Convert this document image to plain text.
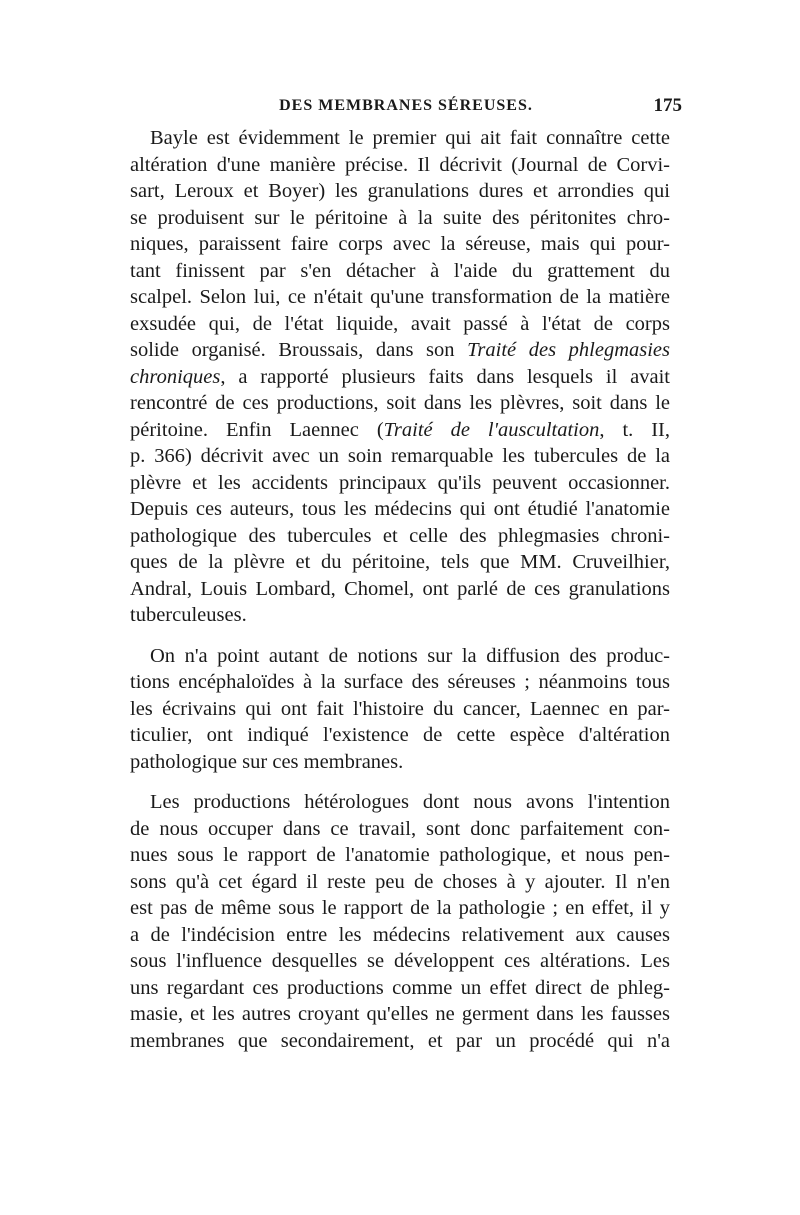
DES MEMBRANES SÉREUSES.	175
Bayle est évidemment le premier qui ait fait connaître cette
altération d'une manière précise. Il décrivit (Journal de Corvi-
sart, Leroux et Boyer) les granulations dures et arrondies qui
se produisent sur le péritoine à la suite des péritonites chro-
niques, paraissent faire corps avec la séreuse, mais qui pour-
tant finissent par s'en détacher à l'aide du grattement du
scalpel. Selon lui, ce n'était qu'une transformation de la matière
exsudée qui, de l'état liquide, avait passé à l'état de corps
solide organisé. Broussais, dans son Traité des phlegmasies
chroniques, a rapporté plusieurs faits dans lesquels il avait
rencontré de ces productions, soit dans les plèvres, soit dans le
péritoine. Enfin Laennec (Traité de l'auscultation, t. II,
p. 366) décrivit avec un soin remarquable les tubercules de la
plèvre et les accidents principaux qu'ils peuvent occasionner.
Depuis ces auteurs, tous les médecins qui ont étudié l'anatomie
pathologique des tubercules et celle des phlegmasies chroni-
ques de la plèvre et du péritoine, tels que MM. Cruveilhier,
Andral, Louis Lombard, Chomel, ont parlé de ces granulations
tuberculeuses.
On n'a point autant de notions sur la diffusion des produc-
tions encéphaloïdes à la surface des séreuses ; néanmoins tous
les écrivains qui ont fait l'histoire du cancer, Laennec en par-
ticulier, ont indiqué l'existence de cette espèce d'altération
pathologique sur ces membranes.
Les productions hétérologues dont nous avons l'intention
de nous occuper dans ce travail, sont donc parfaitement con-
nues sous le rapport de l'anatomie pathologique, et nous pen-
sons qu'à cet égard il reste peu de choses à y ajouter. Il n'en
est pas de même sous le rapport de la pathologie ; en effet, il y
a de l'indécision entre les médecins relativement aux causes
sous l'influence desquelles se développent ces altérations. Les
uns regardant ces productions comme un effet direct de phleg-
masie, et les autres croyant qu'elles ne germent dans les fausses
membranes que secondairement, et par un procédé qui n'a
